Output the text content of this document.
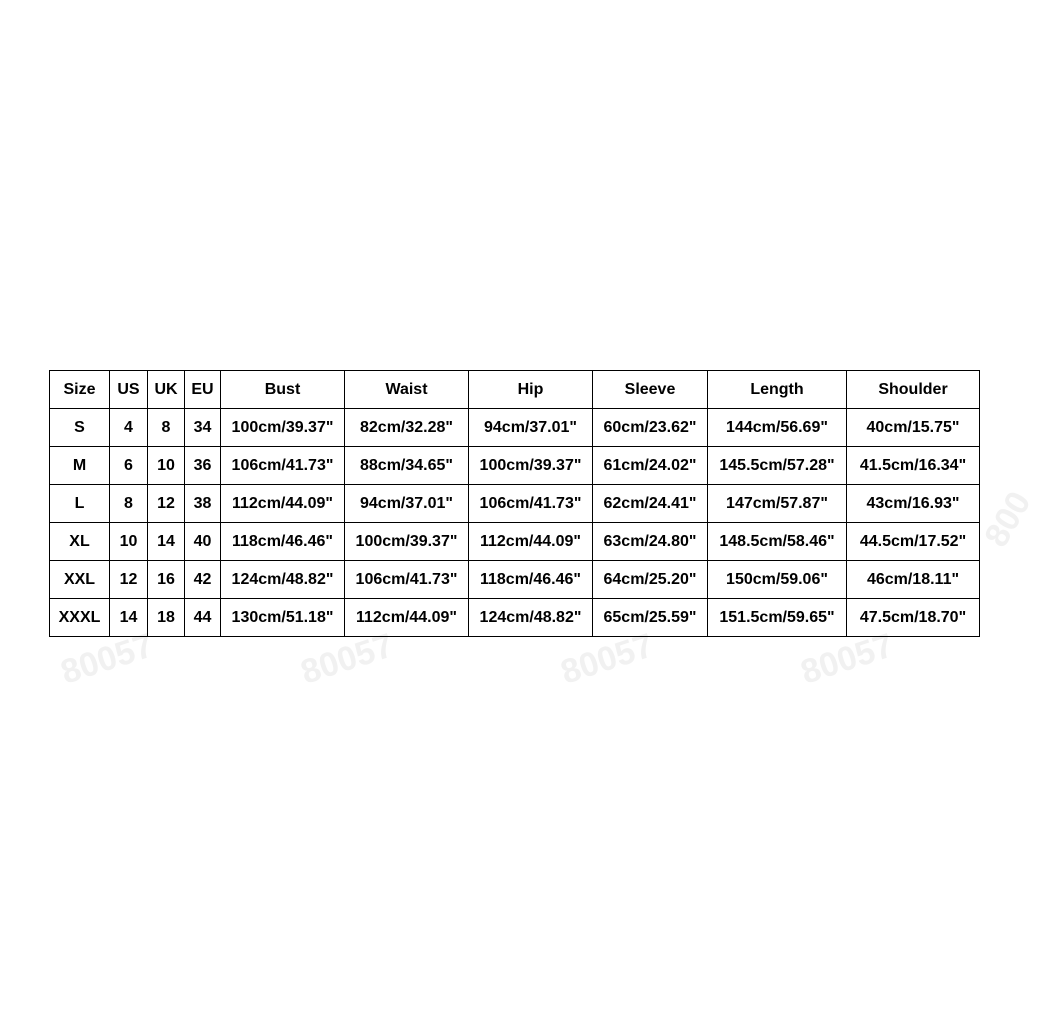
80057	80057	80057	80057
800
Size	US	UK	EU	Bust	Waist	Hip	Sleeve	Length	Shoulder
S	4	8	34	100cm/39.37"	82cm/32.28"	94cm/37.01"	60cm/23.62"	144cm/56.69"	40cm/15.75"
M	6	10	36	106cm/41.73"	88cm/34.65"	100cm/39.37"	61cm/24.02"	145.5cm/57.28"	41.5cm/16.34"
L	8	12	38	112cm/44.09"	94cm/37.01"	106cm/41.73"	62cm/24.41"	147cm/57.87"	43cm/16.93"
XL	10	14	40	118cm/46.46"	100cm/39.37"	112cm/44.09"	63cm/24.80"	148.5cm/58.46"	44.5cm/17.52"
XXL	12	16	42	124cm/48.82"	106cm/41.73"	118cm/46.46"	64cm/25.20"	150cm/59.06"	46cm/18.11"
XXXL	14	18	44	130cm/51.18"	112cm/44.09"	124cm/48.82"	65cm/25.59"	151.5cm/59.65"	47.5cm/18.70"
